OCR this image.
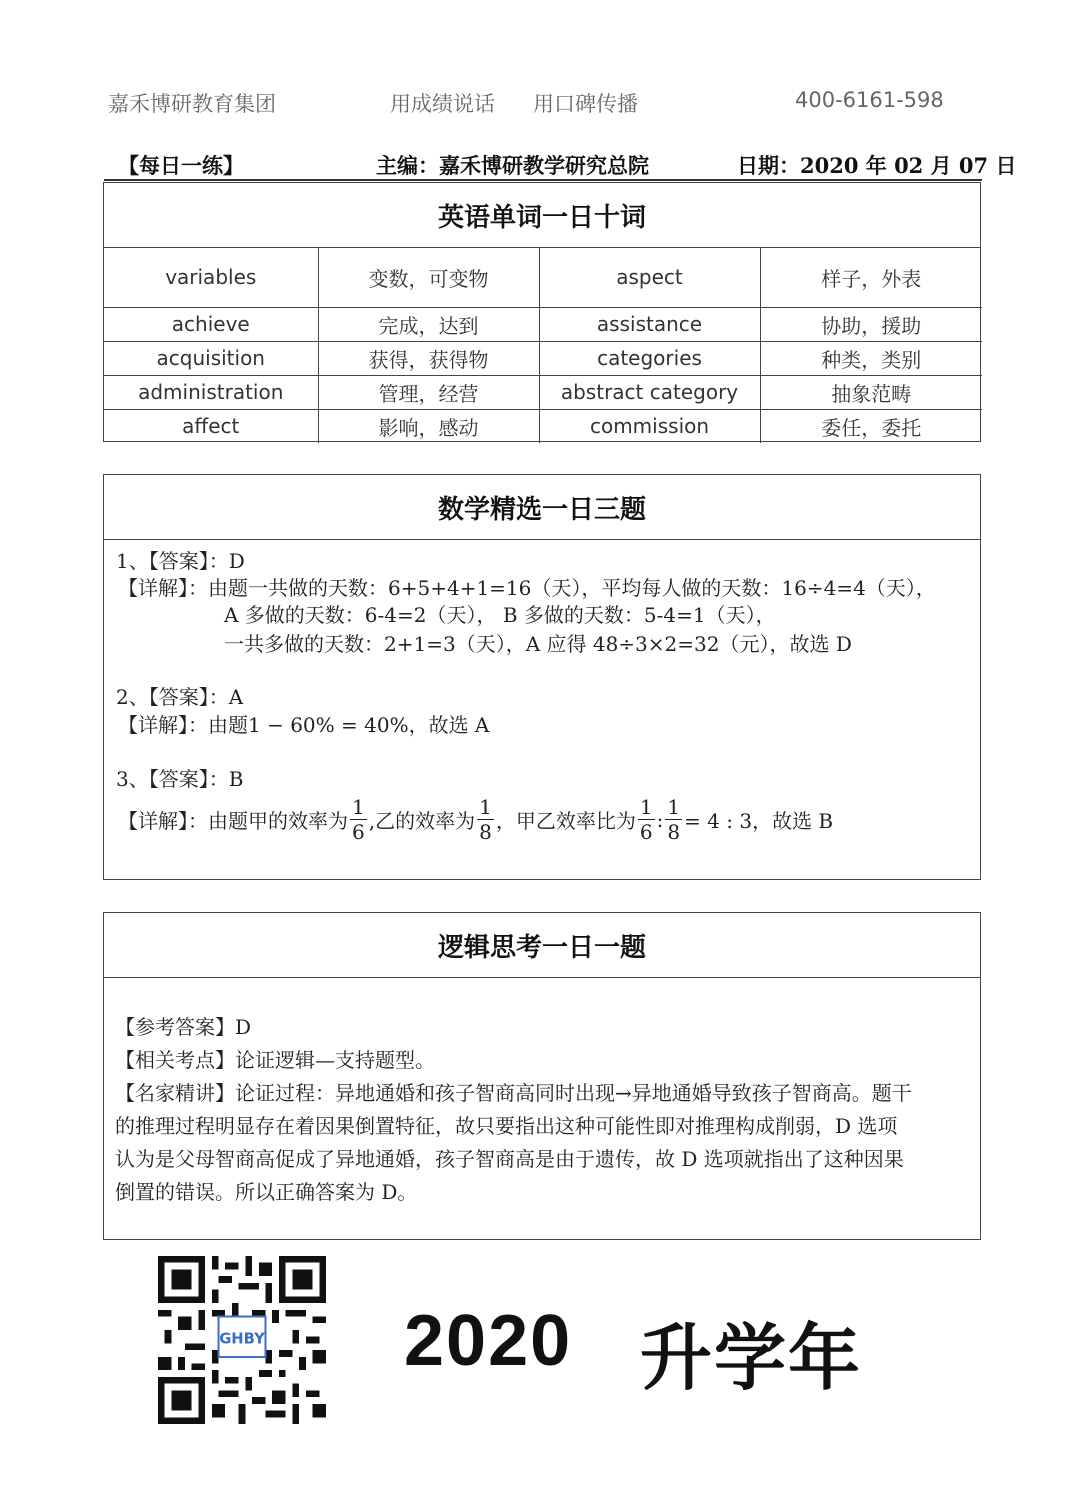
嘉禾博研教育集团	用成绩说话 用口碑传播	400-6161-598
【每日一练】	主编：嘉禾博研教学研究总院	日期：2020 年 02 月 07 日
英语单词一日十词
variables	变数，可变物	aspect	样子，外表
achieve	完成，达到	assistance	协助，援助
acquisition	获得，获得物	categories	种类，类别
administration	管理，经营	abstract category	抽象范畴
affect	影响，感动	commission	委任，委托
数学精选一日三题
1、【答案】：D
【详解】：由题一共做的天数：6+5+4+1=16（天），平均每人做的天数：16÷4=4（天），
A 多做的天数：6-4=2（天）， B 多做的天数：5-4=1（天），
一共多做的天数：2+1=3（天），A 应得 48÷3×2=32（元），故选 D
2、【答案】：A
【详解】：由题1 − 60% = 40%，故选 A
3、【答案】：B
【详解】：由题甲的效率为 $\frac{1}{6}$ ,乙的效率为 $\frac{1}{8}$ ，甲乙效率比为 $\frac{1}{6}$ : $\frac{1}{8} = 4$ : 3，故选 B
逻辑思考一日一题

【参考答案】D

【相关考点】论证逻辑—支持题型。

【名家精讲】论证过程：异地通婚和孩子智商高同时出现→异地通婚导致孩子智商高。题干

的推理过程明显存在着因果倒置特征，故只要指出这种可能性即对推理构成削弱，D 选项

认为是父母智商高促成了异地通婚，孩子智商高是由于遗传，故 D 选项就指出了这种因果

倒置的错误。所以正确答案为 D。

GHBY 2020 升学年
